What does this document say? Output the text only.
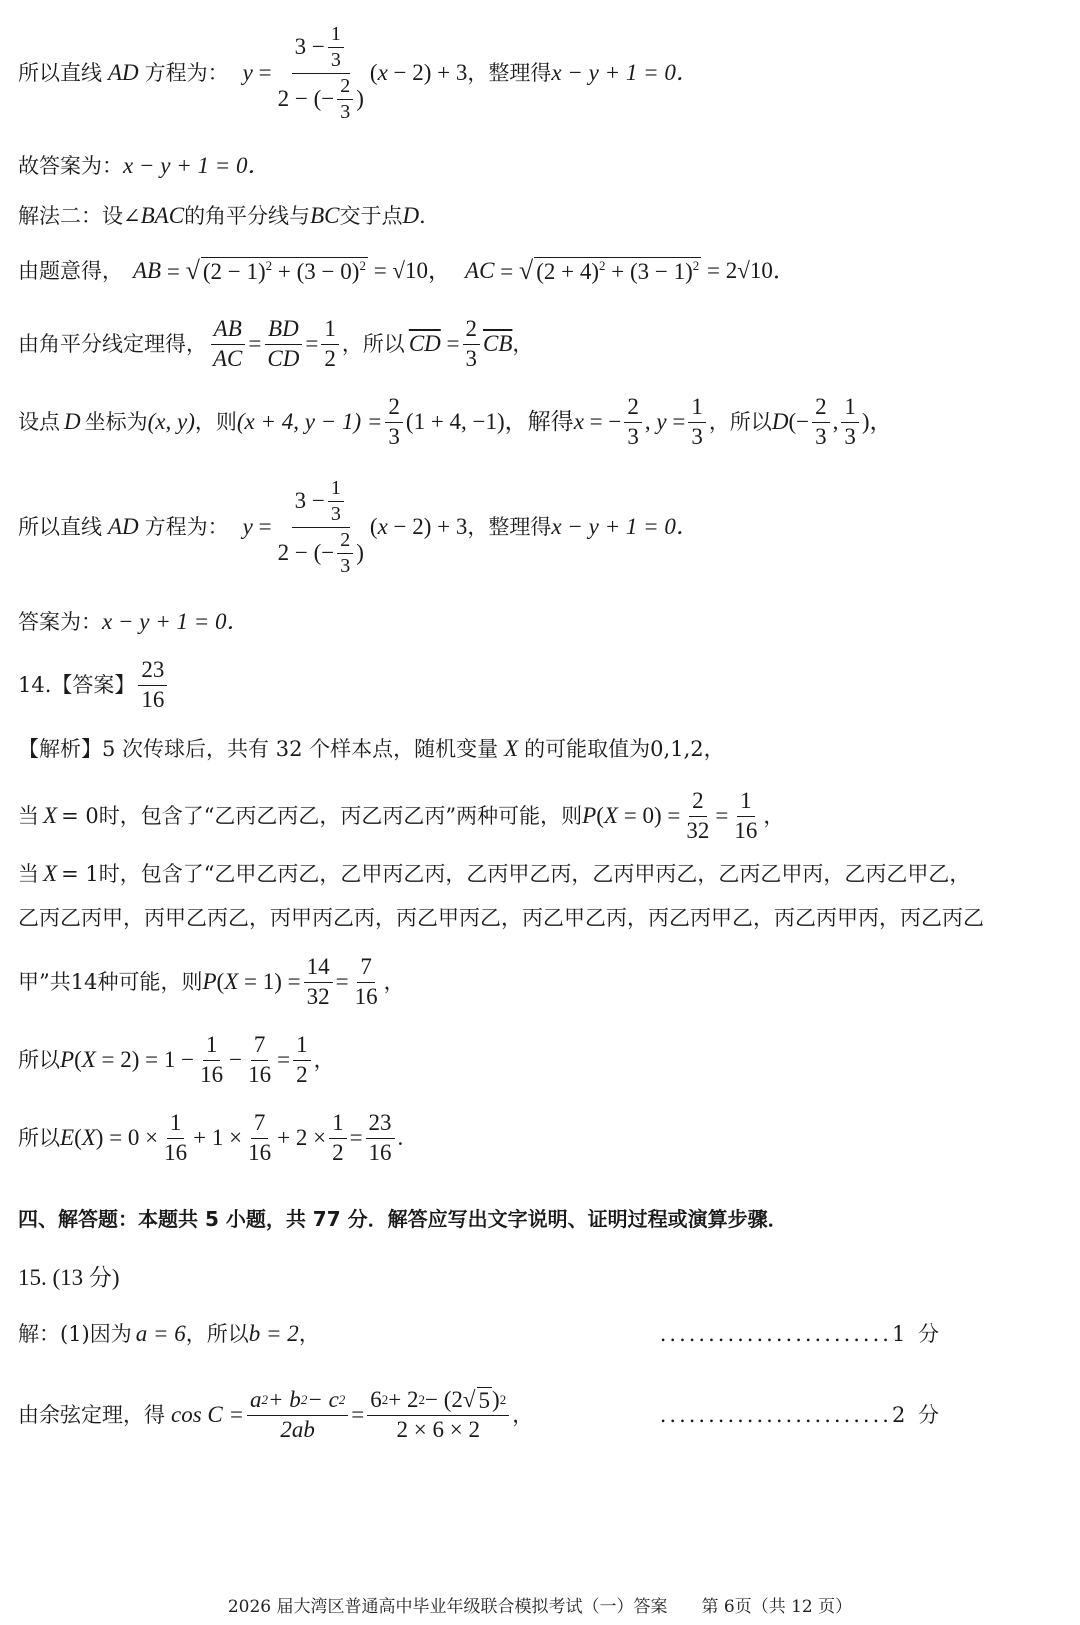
所以直线 AD 方程为： $y = \frac{3 - \frac{1}{3}}{2 - (- \frac{2}{3} )} (x - 2) + 3$ ，整理得 x − y + 1 = 0．
故答案为： x − y + 1 = 0．
解法二：设∠ BAC 的角平分线与 BC 交于点 D ．
由题意得， AB = √ $(2 - 1)^2 + (3 - 0)^2 = √10$， AC = √ $(2 + 4)^2 + (3 - 1)^2 = 2√10$．
由角平分线定理得， $\frac{AB}{AC} = \frac{BD}{CD} = \frac{1}{2}$ ，所以 $\overline{CD} = \frac{2}{3} \overline{CB}$ ，
设点 D 坐标为 (x, y) ，则 (x + 4, $y - 1) = \frac{2}{3} (1 + 4$, −1)，解得 x = − $\frac{2}{3}$ , $y = \frac{1}{3}$ ，所以 $D(- \frac{2}{3}$ , $\frac{1}{3}$ )，
所以直线 AD 方程为： $y = \frac{3 - \frac{1}{3}}{2 - (- \frac{2}{3} )} (x - 2) + 3$ ，整理得 x − y + 1 = 0．
答案为： x − y + 1 = 0．
14.【答案】 $\frac{23}{16}$
【解析】5 次传球后，共有 32 个样本点，随机变量 X 的可能取值为0,1,2，
当 X = 0时，包含了“乙丙乙丙乙，丙乙丙乙丙”两种可能，则 $P(X = 0) = \frac{2}{32} = \frac{1}{16}$ ，
当 X = 1时，包含了“乙甲乙丙乙，乙甲丙乙丙，乙丙甲乙丙，乙丙甲丙乙，乙丙乙甲丙，乙丙乙甲乙，
乙丙乙丙甲，丙甲乙丙乙，丙甲丙乙丙，丙乙甲丙乙，丙乙甲乙丙，丙乙丙甲乙，丙乙丙甲丙，丙乙丙乙
甲”共14种可能，则 $P(X = 1) = \frac{14}{32} = \frac{7}{16}$ ，
所以 $P(X = 2) = 1 - \frac{1}{16} - \frac{7}{16} = \frac{1}{2}$ ，
所以 $E(X) = 0 \times \frac{1}{16} + 1 \times \frac{7}{16} + 2 \times \frac{1}{2} = \frac{23}{16}$ .
四、解答题：本题共 5 小题，共 77 分．解答应写出文字说明、证明过程或演算步骤．
15. (13 分)
解：(1)因为 a = 6 ，所以 b = 2 ，	........................1 分
由余弦定理，得 $\cos C = \frac{a 2 + b 2 - c 2}{2ab} = \frac{6 2 + 2 2 - (2√ 5 ) 2}{2 \times 6 \times 2}$ ，	........................2 分
2026 届大湾区普通高中毕业年级联合模拟考试（一）答案　　第 6页（共 12 页）
